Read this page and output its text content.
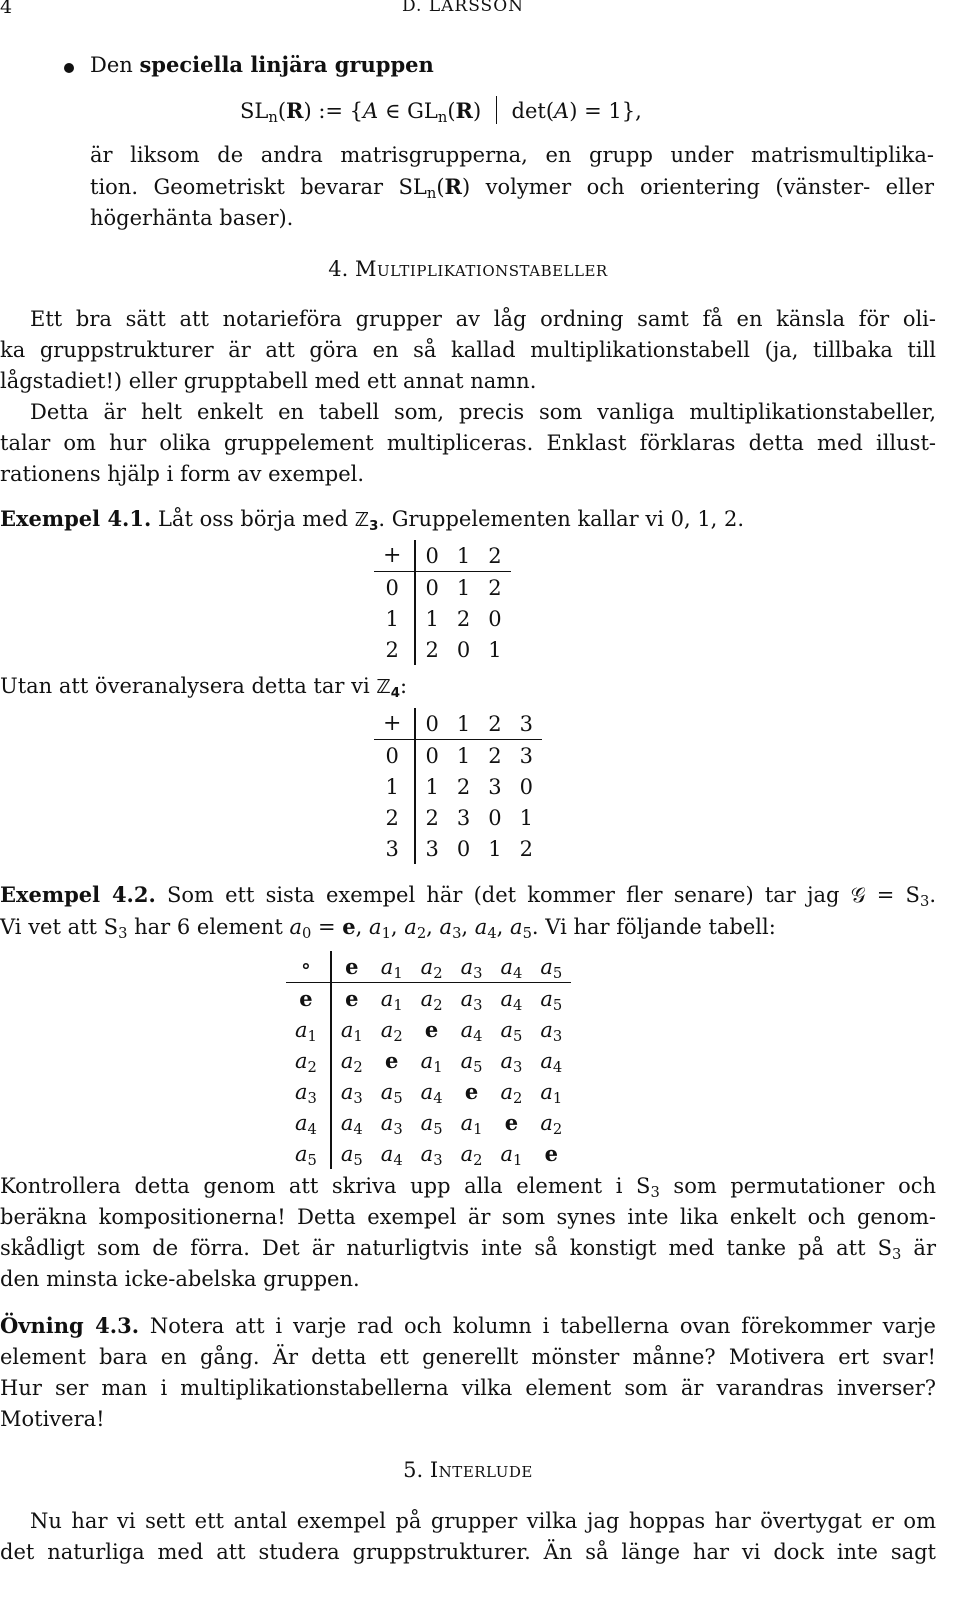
4	D. LARSSON
Den speciella linjära gruppen
$SL_n(R)$ := {A ∈ $GL_n(R) \det(A) = 1$},
är liksom de andra matrisgrupperna, en grupp under matrismultiplika-
tion. Geometriskt bevarar $SL_n(R)$ volymer och orientering (vänster- eller
högerhänta baser).
4. Multiplikationstabeller
Ett bra sätt att notarieföra grupper av låg ordning samt få en känsla för oli-
ka gruppstrukturer är att göra en så kallad multiplikationstabell (ja, tillbaka till
lågstadiet!) eller grupptabell med ett annat namn.
Detta är helt enkelt en tabell som, precis som vanliga multiplikationstabeller,
talar om hur olika gruppelement multipliceras. Enklast förklaras detta med illust-
rationens hjälp i form av exempel.
Exempel 4.1. Låt oss börja med ℤ$_3$. Gruppelementen kallar vi 0, 1, 2.
+	0	1	2
0	0	1	2
1	1	2	0
2	2	0	1
Utan att överanalysera detta tar vi ℤ$_4$:
+	0	1	2	3
0	0	1	2	3
1	1	2	3	0
2	2	3	0	1
3	3	0	1	2
Exempel 4.2. Som ett sista exempel här (det kommer fler senare) tar jag 𝒢 = $S_3$.
Vi vet att $S_3$ har 6 element $a_0 = e$, $a_1$, $a_2$, $a_3$, $a_4$, $a_5$. Vi har följande tabell:
∘	e	$a_1$	$a_2$	$a_3$	$a_4$	$a_5$
e	e	$a_1$	$a_2$	$a_3$	$a_4$	$a_5$
$a_1$	$a_1$	$a_2$	e	$a_4$	$a_5$	$a_3$
$a_2$	$a_2$	e	$a_1$	$a_5$	$a_3$	$a_4$
$a_3$	$a_3$	$a_5$	$a_4$	e	$a_2$	$a_1$
$a_4$	$a_4$	$a_3$	$a_5$	$a_1$	e	$a_2$
$a_5$	$a_5$	$a_4$	$a_3$	$a_2$	$a_1$	e
Kontrollera detta genom att skriva upp alla element i $S_3$ som permutationer och
beräkna kompositionerna! Detta exempel är som synes inte lika enkelt och genom-
skådligt som de förra. Det är naturligtvis inte så konstigt med tanke på att $S_3$ är
den minsta icke-abelska gruppen.
Övning 4.3. Notera att i varje rad och kolumn i tabellerna ovan förekommer varje
element bara en gång. Är detta ett generellt mönster månne? Motivera ert svar!
Hur ser man i multiplikationstabellerna vilka element som är varandras inverser?
Motivera!
5. Interlude
Nu har vi sett ett antal exempel på grupper vilka jag hoppas har övertygat er om
det naturliga med att studera gruppstrukturer. Än så länge har vi dock inte sagt
